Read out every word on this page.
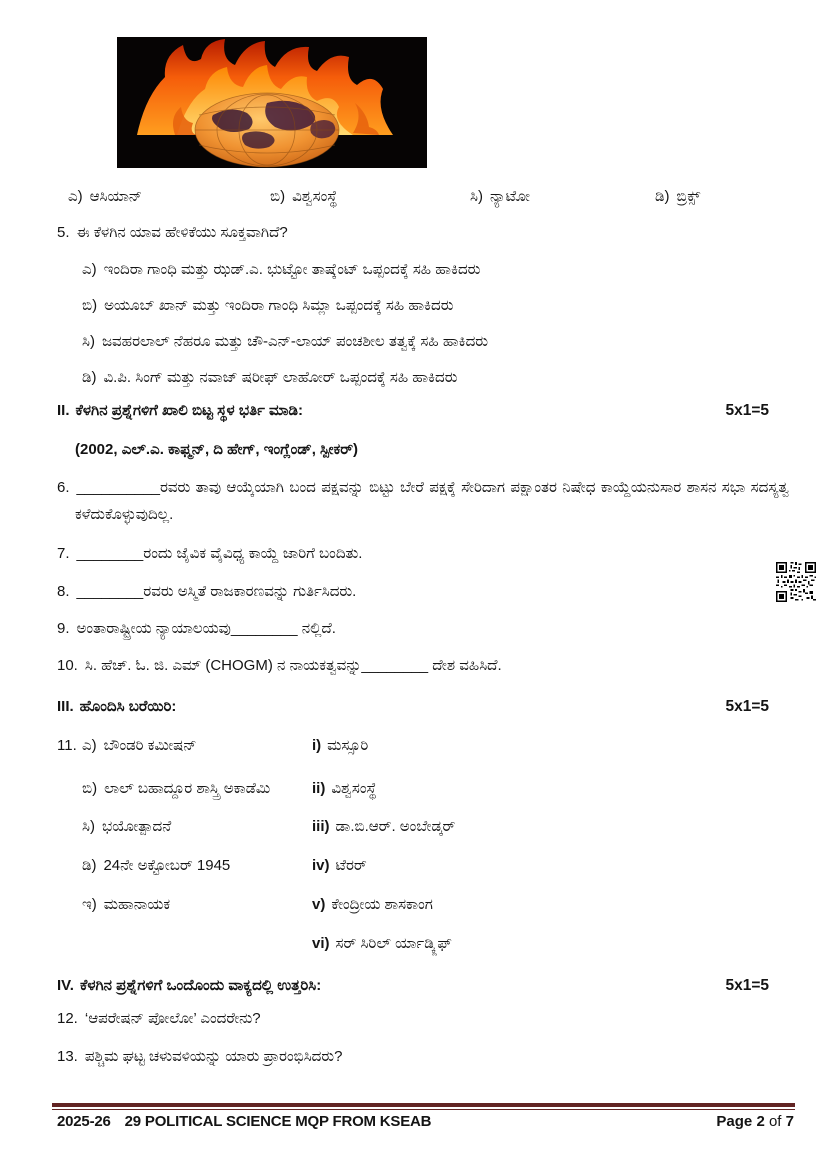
ಎ) ಆಸಿಯಾನ್	ಬಿ) ವಿಶ್ವಸಂಸ್ಥೆ	ಸಿ) ನ್ಯಾಟೋ	ಡಿ) ಬ್ರಿಕ್ಸ್
5. ಈ ಕೆಳಗಿನ ಯಾವ ಹೇಳಿಕೆಯು ಸೂಕ್ತವಾಗಿದೆ?
ಎ) ಇಂದಿರಾ ಗಾಂಧಿ ಮತ್ತು ಝಡ್.ಎ. ಭುಟ್ಟೋ ತಾಷ್ಕೆಂಟ್ ಒಪ್ಪಂದಕ್ಕೆ ಸಹಿ ಹಾಕಿದರು
ಬಿ) ಅಯೂಬ್ ಖಾನ್ ಮತ್ತು ಇಂದಿರಾ ಗಾಂಧಿ ಸಿಮ್ಲಾ ಒಪ್ಪಂದಕ್ಕೆ ಸಹಿ ಹಾಕಿದರು
ಸಿ) ಜವಹರಲಾಲ್ ನೆಹರೂ ಮತ್ತು ಚೌ-ಎನ್-ಲಾಯ್ ಪಂಚಶೀಲ ತತ್ವಕ್ಕೆ ಸಹಿ ಹಾಕಿದರು
ಡಿ) ವಿ.ಪಿ. ಸಿಂಗ್ ಮತ್ತು ನವಾಜ್ ಷರೀಫ್ ಲಾಹೋರ್ ಒಪ್ಪಂದಕ್ಕೆ ಸಹಿ ಹಾಕಿದರು
II. ಕೆಳಗಿನ ಪ್ರಶ್ನೆಗಳಿಗೆ ಖಾಲಿ ಬಿಟ್ಟ ಸ್ಥಳ ಭರ್ತಿ ಮಾಡಿ:	5x1=5
(2002, ಎಲ್.ಎ. ಕಾಫ್ಮನ್, ದಿ ಹೇಗ್, ಇಂಗ್ಲೆಂಡ್, ಸ್ಪೀಕರ್)
6. __________ರವರು ತಾವು ಆಯ್ಕೆಯಾಗಿ ಬಂದ ಪಕ್ಷವನ್ನು ಬಿಟ್ಟು ಬೇರೆ ಪಕ್ಷಕ್ಕೆ ಸೇರಿದಾಗ ಪಕ್ಷಾಂತರ ನಿಷೇಧ ಕಾಯ್ದೆಯನುಸಾರ ಶಾಸನ ಸಭಾ ಸದಸ್ಯತ್ವ ಕಳೆದುಕೊಳ್ಳುವುದಿಲ್ಲ.
7. ________ರಂದು ಜೈವಿಕ ವೈವಿಧ್ಯ ಕಾಯ್ದೆ ಜಾರಿಗೆ ಬಂದಿತು.
8. ________ರವರು ಅಸ್ಮಿತೆ ರಾಜಕಾರಣವನ್ನು ಗುರ್ತಿಸಿದರು.
9. ಅಂತಾರಾಷ್ಟ್ರೀಯ ನ್ಯಾಯಾಲಯವು________ ನಲ್ಲಿದೆ.
10. ಸಿ. ಹೆಚ್. ಓ. ಜಿ. ಎಮ್ (CHOGM) ನ ನಾಯಕತ್ವವನ್ನು________ ದೇಶ ವಹಿಸಿದೆ.
III. ಹೊಂದಿಸಿ ಬರೆಯಿರಿ:	5x1=5
11. ಎ) ಬೌಂಡರಿ ಕಮೀಷನ್	i) ಮಸ್ಸೂರಿ
ಬಿ) ಲಾಲ್ ಬಹಾದ್ದೂರ ಶಾಸ್ತ್ರಿ ಅಕಾಡೆಮಿ	ii) ವಿಶ್ವಸಂಸ್ಥೆ
ಸಿ) ಭಯೋತ್ಪಾದನೆ	iii) ಡಾ.ಬಿ.ಆರ್. ಅಂಬೇಡ್ಕರ್
ಡಿ) 24ನೇ ಅಕ್ಟೋಬರ್ 1945	iv) ಟೆರರ್
ಇ) ಮಹಾನಾಯಕ	v) ಕೇಂದ್ರೀಯ ಶಾಸಕಾಂಗ
vi) ಸರ್ ಸಿರಿಲ್ ರ್ಯಾಡ್ಕ್ಲಿಫ್
IV. ಕೆಳಗಿನ ಪ್ರಶ್ನೆಗಳಿಗೆ ಒಂದೊಂದು ವಾಕ್ಯದಲ್ಲಿ ಉತ್ತರಿಸಿ:	5x1=5
12. ‘ಆಪರೇಷನ್ ಪೋಲೋ’ ಎಂದರೇನು?
13. ಪಶ್ಚಿಮ ಘಟ್ಟ ಚಳುವಳಿಯನ್ನು ಯಾರು ಪ್ರಾರಂಭಿಸಿದರು?
2025-26 29 POLITICAL SCIENCE MQP FROM KSEAB	Page 2 of 7
